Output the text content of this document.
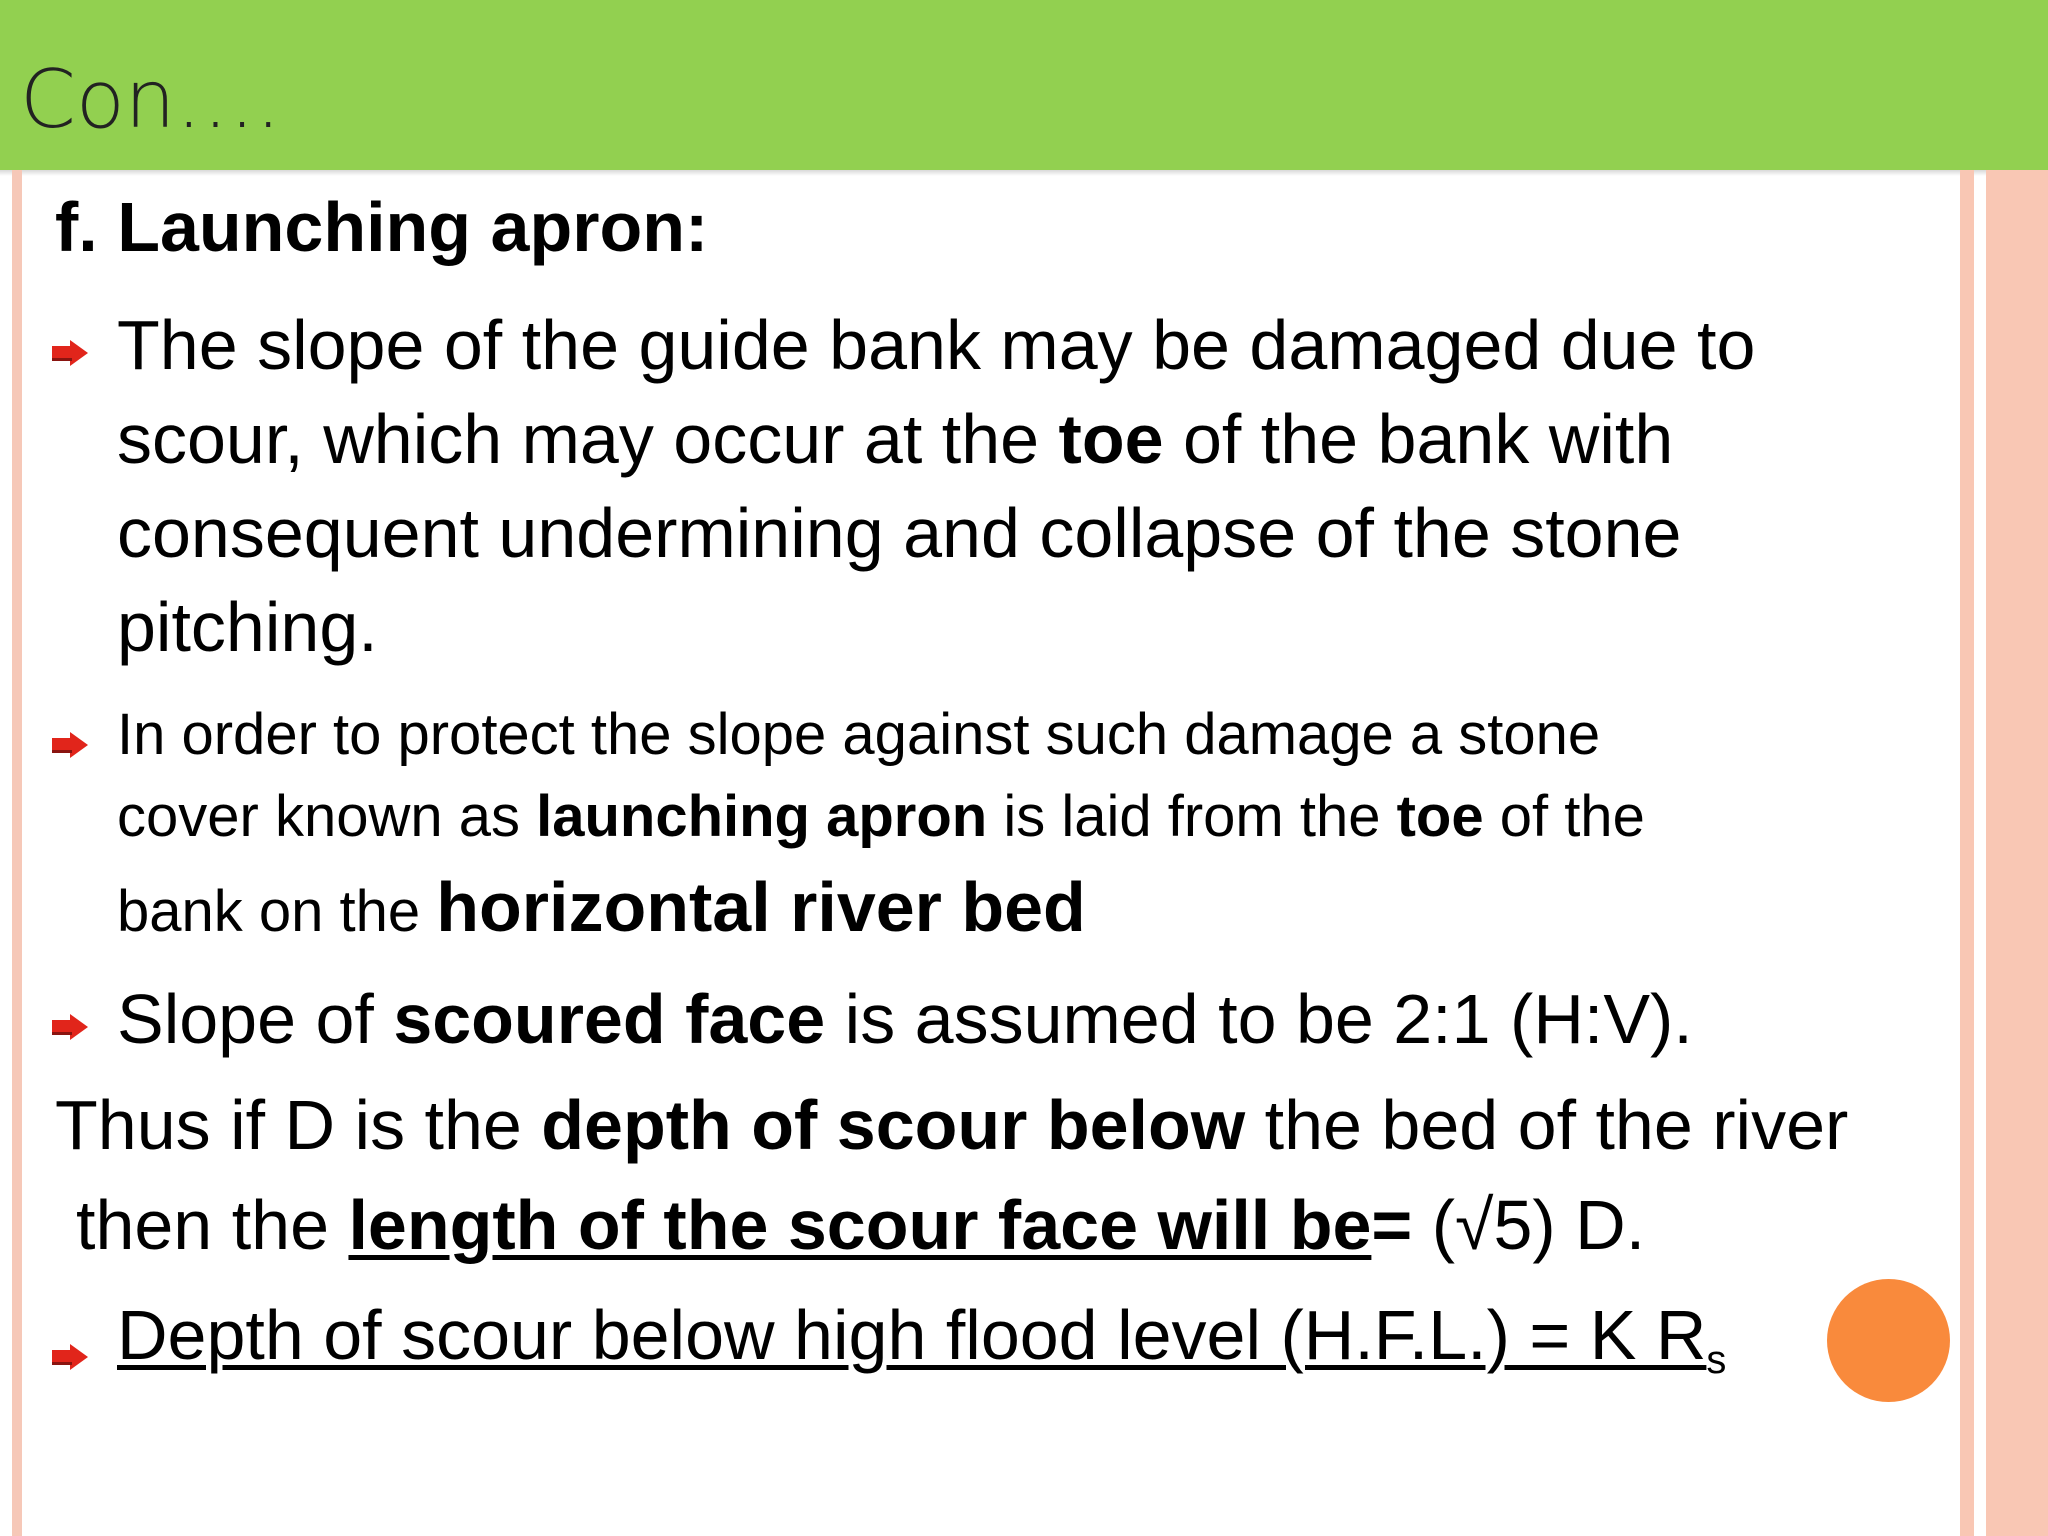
Con….
f. Launching apron:
The slope of the guide bank may be damaged due to
scour, which may occur at the toe of the bank with
consequent undermining and collapse of the stone
pitching.
In order to protect the slope against such damage a stone
cover known as launching apron is laid from the toe of the
bank on the horizontal river bed
Slope of scoured face is assumed to be 2:1 (H:V).
Thus if D is the depth of scour below the bed of the river
then the length of the scour face will be= (√5) D.
Depth of scour below high flood level (H.F.L.) = K $R_s$
